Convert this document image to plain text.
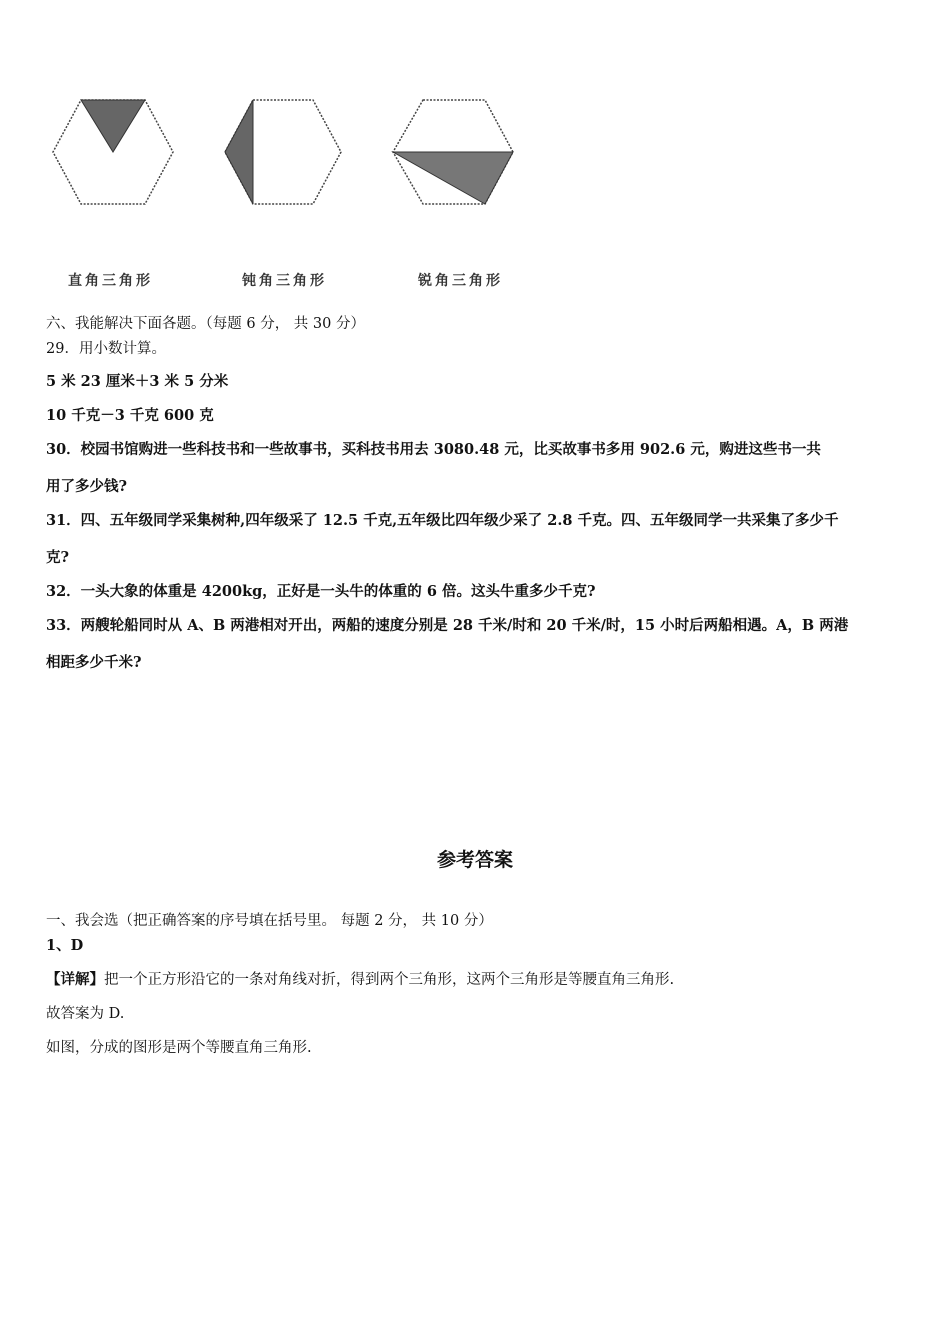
直角三角形	钝角三角形	锐角三角形
六、我能解决下面各题。（每题 6 分， 共 30 分）
29．用小数计算。
5 米 23 厘米＋3 米 5 分米
10 千克－3 千克 600 克
30．校园书馆购进一些科技书和一些故事书，买科技书用去 3080.48 元，比买故事书多用 902.6 元，购进这些书一共
用了多少钱?
31．四、五年级同学采集树种,四年级采了 12.5 千克,五年级比四年级少采了 2.8 千克。四、五年级同学一共采集了多少千
克?
32．一头大象的体重是 4200kg，正好是一头牛的体重的 6 倍。这头牛重多少千克?
33．两艘轮船同时从 A、B 两港相对开出，两船的速度分别是 28 千米/时和 20 千米/时，15 小时后两船相遇。A，B 两港
相距多少千米?
参考答案
一、我会选（把正确答案的序号填在括号里。 每题 2 分， 共 10 分）
1、D
【详解】把一个正方形沿它的一条对角线对折，得到两个三角形，这两个三角形是等腰直角三角形.
故答案为 D.
如图，分成的图形是两个等腰直角三角形.
